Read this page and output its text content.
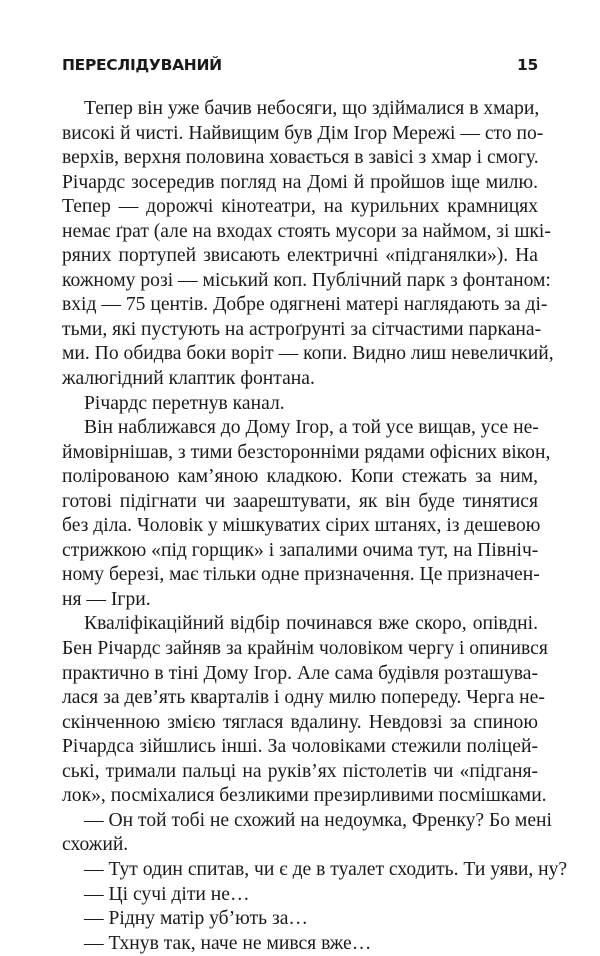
ПЕРЕСЛІДУВАНИЙ	15
Тепер він уже бачив небосяги, що здіймалися в хмари,
високі й чисті. Найвищим був Дім Ігор Мережі — сто по-
верхів, верхня половина ховається в завісі з хмар і смогу.
Річардс зосередив погляд на Домі й пройшов іще милю.
Тепер — дорожчі кінотеатри, на курильних крамницях
немає ґрат (але на входах стоять мусори за наймом, зі шкі-
ряних портупей звисають електричні «підганялки»). На
кожному розі — міський коп. Публічний парк з фонтаном:
вхід — 75 центів. Добре одягнені матері наглядають за ді-
тьми, які пустують на астроґрунті за сітчастими паркана-
ми. По обидва боки воріт — копи. Видно лиш невеличкий,
жалюгідний клаптик фонтана.
Річардс перетнув канал.
Він наближався до Дому Ігор, а той усе вищав, усе не-
ймовірнішав, з тими безсторонніми рядами офісних вікон,
полірованою кам’яною кладкою. Копи стежать за ним,
готові підігнати чи заарештувати, як він буде тинятися
без діла. Чоловік у мішкуватих сірих штанях, із дешевою
стрижкою «під горщик» і запалими очима тут, на Північ-
ному березі, має тільки одне призначення. Це призначен-
ня — Ігри.
Кваліфікаційний відбір починався вже скоро, опівдні.
Бен Річардс зайняв за крайнім чоловіком чергу і опинився
практично в тіні Дому Ігор. Але сама будівля розташува-
лася за дев’ять кварталів і одну милю попереду. Черга не-
скінченною змією тяглася вдалину. Невдовзі за спиною
Річардса зійшлись інші. За чоловіками стежили поліцей-
ські, тримали пальці на руків’ях пістолетів чи «підганя-
лок», посміхалися безликими презирливими посмішками.
— Он той тобі не схожий на недоумка, Френку? Бо мені
схожий.
— Тут один спитав, чи є де в туалет сходить. Ти уяви, ну?
— Ці сучі діти не…
— Рідну матір уб’ють за…
— Тхнув так, наче не мився вже…
